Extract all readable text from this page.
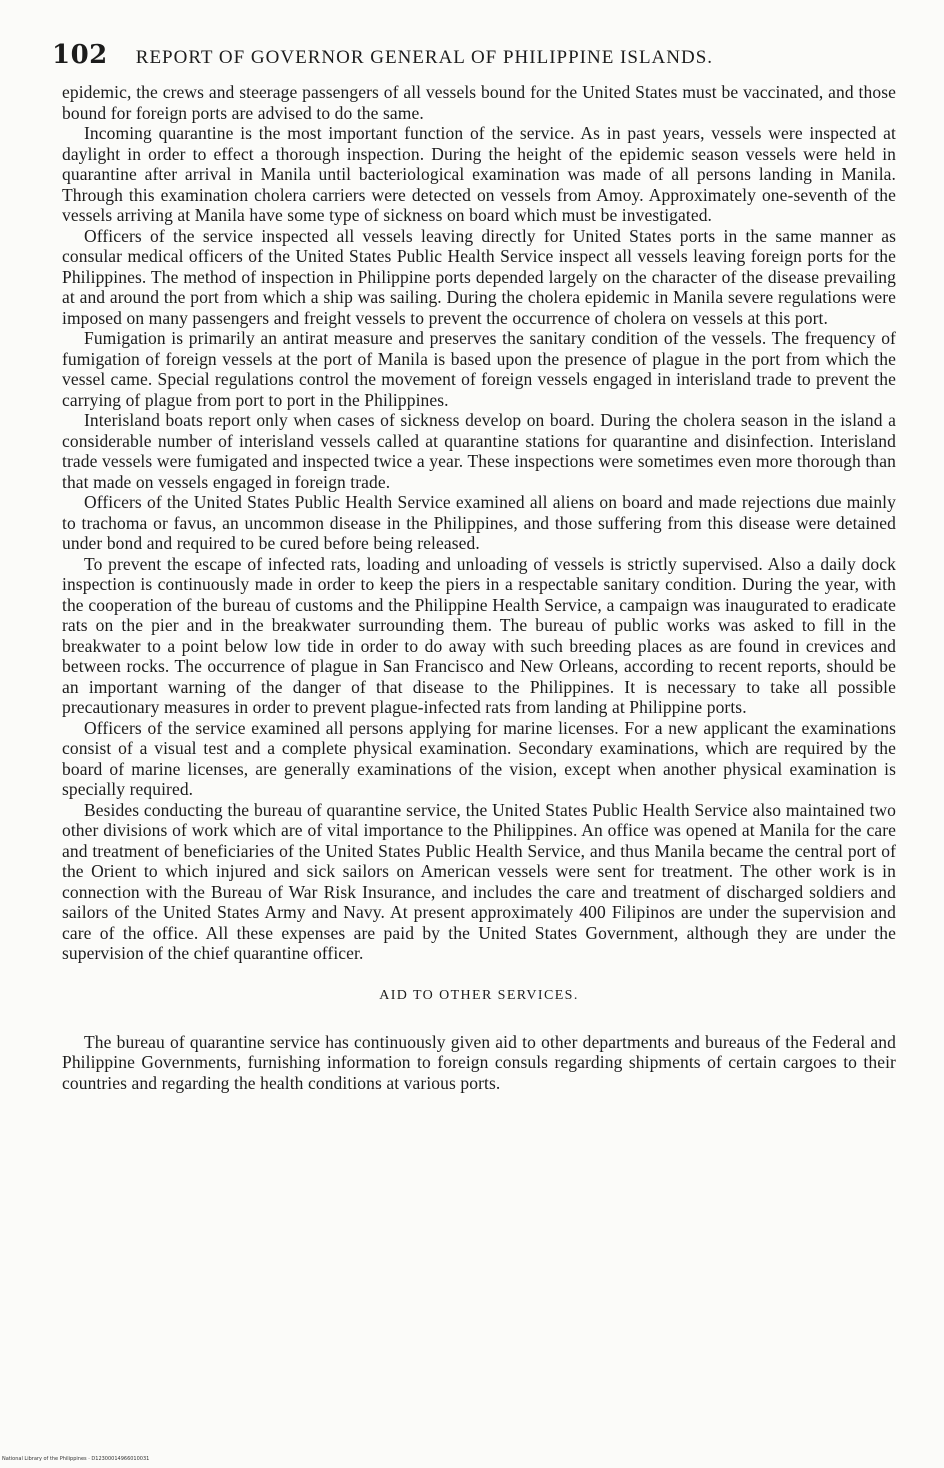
102 REPORT OF GOVERNOR GENERAL OF PHILIPPINE ISLANDS.

epidemic, the crews and steerage passengers of all vessels bound for the United States must be vaccinated, and those bound for foreign ports are advised to do the same.

Incoming quarantine is the most important function of the service. As in past years, vessels were inspected at daylight in order to effect a thorough inspection. During the height of the epidemic season vessels were held in quarantine after arrival in Manila until bacteriological examination was made of all persons landing in Manila. Through this examination cholera carriers were detected on vessels from Amoy. Approximately one-seventh of the vessels arriving at Manila have some type of sickness on board which must be investigated.

Officers of the service inspected all vessels leaving directly for United States ports in the same manner as consular medical officers of the United States Public Health Service inspect all vessels leaving foreign ports for the Philippines. The method of inspection in Philippine ports depended largely on the character of the disease prevailing at and around the port from which a ship was sailing. During the cholera epidemic in Manila severe regulations were imposed on many passengers and freight vessels to prevent the occurrence of cholera on vessels at this port.

Fumigation is primarily an antirat measure and preserves the sanitary condition of the vessels. The frequency of fumigation of foreign vessels at the port of Manila is based upon the presence of plague in the port from which the vessel came. Special regulations control the movement of foreign vessels engaged in interisland trade to prevent the carrying of plague from port to port in the Philippines.

Interisland boats report only when cases of sickness develop on board. During the cholera season in the island a considerable number of interisland vessels called at quarantine stations for quarantine and disinfection. Interisland trade vessels were fumigated and inspected twice a year. These inspections were sometimes even more thorough than that made on vessels engaged in foreign trade.

Officers of the United States Public Health Service examined all aliens on board and made rejections due mainly to trachoma or favus, an uncommon disease in the Philippines, and those suffering from this disease were detained under bond and required to be cured before being released.

To prevent the escape of infected rats, loading and unloading of vessels is strictly supervised. Also a daily dock inspection is continuously made in order to keep the piers in a respectable sanitary condition. During the year, with the cooperation of the bureau of customs and the Philippine Health Service, a campaign was inaugurated to eradicate rats on the pier and in the breakwater surrounding them. The bureau of public works was asked to fill in the breakwater to a point below low tide in order to do away with such breeding places as are found in crevices and between rocks. The occurrence of plague in San Francisco and New Orleans, according to recent reports, should be an important warning of the danger of that disease to the Philippines. It is necessary to take all possible precautionary measures in order to prevent plague-infected rats from landing at Philippine ports.

Officers of the service examined all persons applying for marine licenses. For a new applicant the examinations consist of a visual test and a complete physical examination. Secondary examinations, which are required by the board of marine licenses, are generally examinations of the vision, except when another physical examination is specially required.

Besides conducting the bureau of quarantine service, the United States Public Health Service also maintained two other divisions of work which are of vital importance to the Philippines. An office was opened at Manila for the care and treatment of beneficiaries of the United States Public Health Service, and thus Manila became the central port of the Orient to which injured and sick sailors on American vessels were sent for treatment. The other work is in connection with the Bureau of War Risk Insurance, and includes the care and treatment of discharged soldiers and sailors of the United States Army and Navy. At present approximately 400 Filipinos are under the supervision and care of the office. All these expenses are paid by the United States Government, although they are under the supervision of the chief quarantine officer.

AID TO OTHER SERVICES.

The bureau of quarantine service has continuously given aid to other departments and bureaus of the Federal and Philippine Governments, furnishing information to foreign consuls regarding shipments of certain cargoes to their countries and regarding the health conditions at various ports.

National Library of the Philippines · D12300014966010031
